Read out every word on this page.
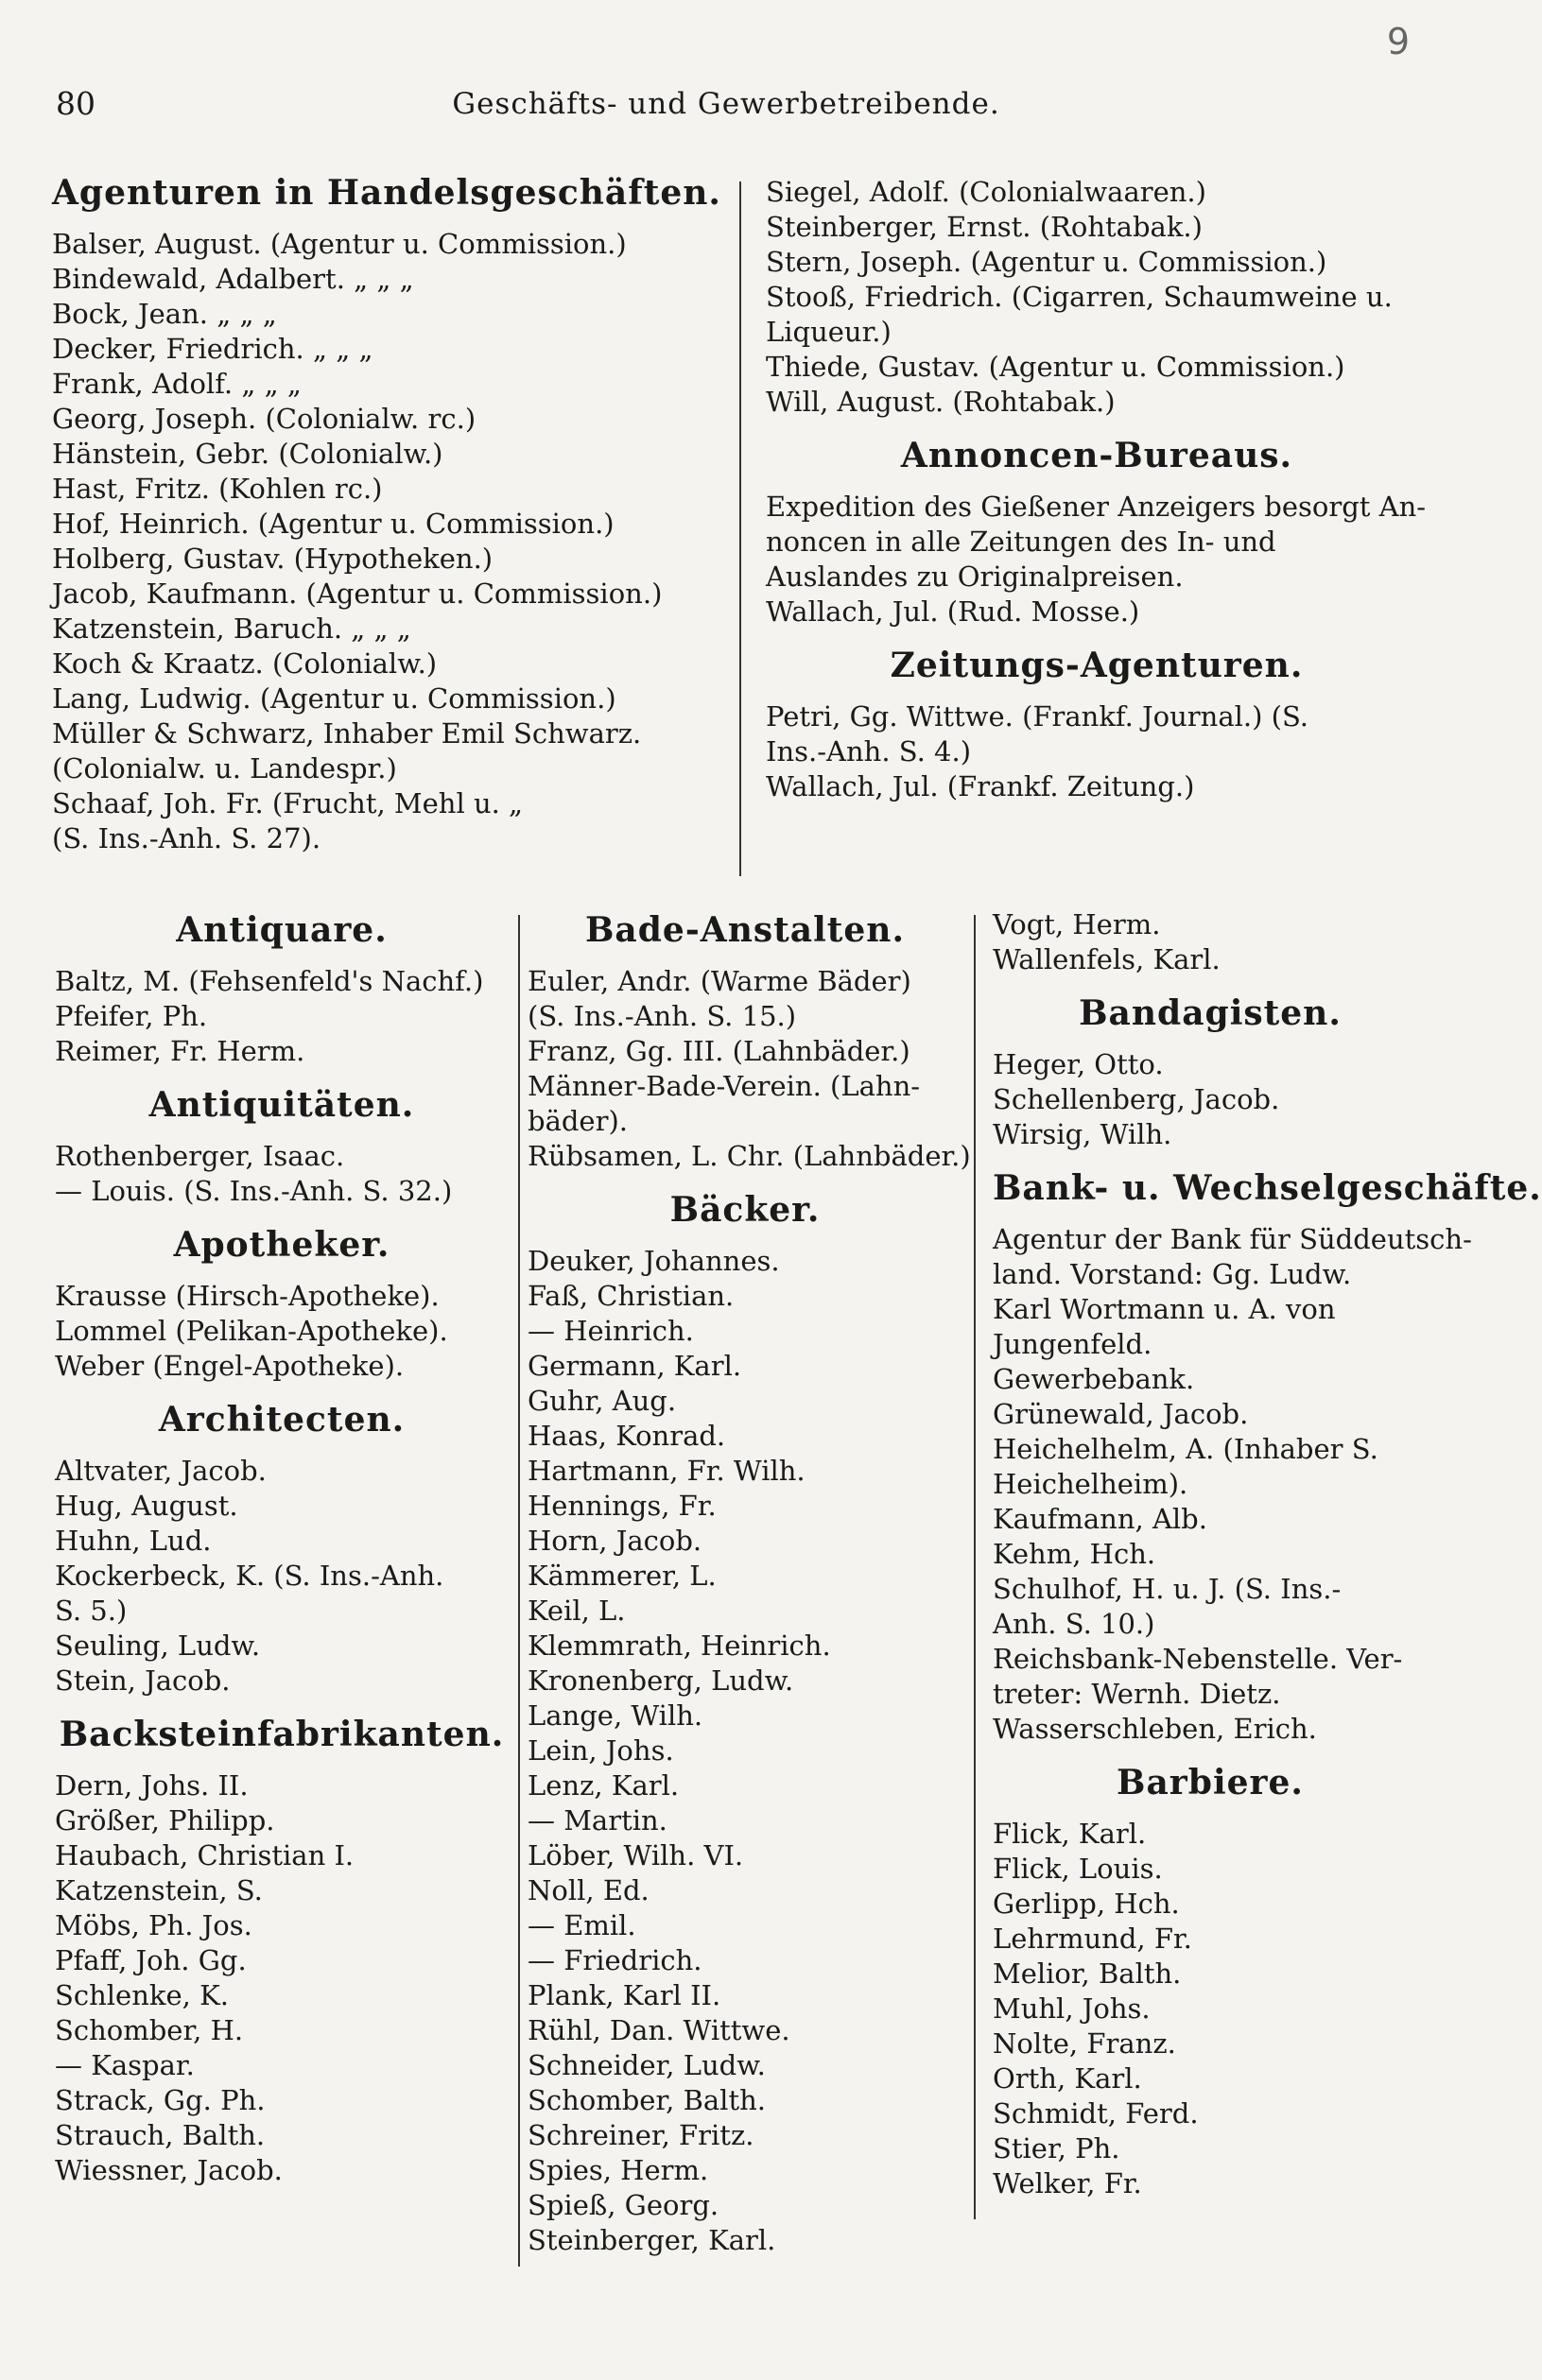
80	Geschäfts- und Gewerbetreibende.
9
Agenturen in Handelsgeschäften.
Balser, August. (Agentur u. Commission.)
Bindewald, Adalbert. „ „ „
Bock, Jean. „ „ „
Decker, Friedrich. „ „ „
Frank, Adolf. „ „ „
Georg, Joseph. (Colonialw. rc.)
Hänstein, Gebr. (Colonialw.)
Hast, Fritz. (Kohlen rc.)
Hof, Heinrich. (Agentur u. Commission.)
Holberg, Gustav. (Hypotheken.)
Jacob, Kaufmann. (Agentur u. Commission.)
Katzenstein, Baruch. „ „ „
Koch & Kraatz. (Colonialw.)
Lang, Ludwig. (Agentur u. Commission.)
Müller & Schwarz, Inhaber Emil Schwarz.
(Colonialw. u. Landespr.)
Schaaf, Joh. Fr. (Frucht, Mehl u. „
(S. Ins.-Anh. S. 27).
Siegel, Adolf. (Colonialwaaren.)
Steinberger, Ernst. (Rohtabak.)
Stern, Joseph. (Agentur u. Commission.)
Stooß, Friedrich. (Cigarren, Schaumweine u.
Liqueur.)
Thiede, Gustav. (Agentur u. Commission.)
Will, August. (Rohtabak.)
Annoncen-Bureaus.
Expedition des Gießener Anzeigers besorgt An-
noncen in alle Zeitungen des In- und
Auslandes zu Originalpreisen.
Wallach, Jul. (Rud. Mosse.)
Zeitungs-Agenturen.
Petri, Gg. Wittwe. (Frankf. Journal.) (S.
Ins.-Anh. S. 4.)
Wallach, Jul. (Frankf. Zeitung.)
Antiquare.
Baltz, M. (Fehsenfeld's Nachf.)
Pfeifer, Ph.
Reimer, Fr. Herm.
Antiquitäten.
Rothenberger, Isaac.
— Louis. (S. Ins.-Anh. S. 32.)
Apotheker.
Krausse (Hirsch-Apotheke).
Lommel (Pelikan-Apotheke).
Weber (Engel-Apotheke).
Architecten.
Altvater, Jacob.
Hug, August.
Huhn, Lud.
Kockerbeck, K. (S. Ins.-Anh.
S. 5.)
Seuling, Ludw.
Stein, Jacob.
Backsteinfabrikanten.
Dern, Johs. II.
Größer, Philipp.
Haubach, Christian I.
Katzenstein, S.
Möbs, Ph. Jos.
Pfaff, Joh. Gg.
Schlenke, K.
Schomber, H.
— Kaspar.
Strack, Gg. Ph.
Strauch, Balth.
Wiessner, Jacob.
Bade-Anstalten.
Euler, Andr. (Warme Bäder)
(S. Ins.-Anh. S. 15.)
Franz, Gg. III. (Lahnbäder.)
Männer-Bade-Verein. (Lahn-
bäder).
Rübsamen, L. Chr. (Lahnbäder.)
Bäcker.
Deuker, Johannes.
Faß, Christian.
— Heinrich.
Germann, Karl.
Guhr, Aug.
Haas, Konrad.
Hartmann, Fr. Wilh.
Hennings, Fr.
Horn, Jacob.
Kämmerer, L.
Keil, L.
Klemmrath, Heinrich.
Kronenberg, Ludw.
Lange, Wilh.
Lein, Johs.
Lenz, Karl.
— Martin.
Löber, Wilh. VI.
Noll, Ed.
— Emil.
— Friedrich.
Plank, Karl II.
Rühl, Dan. Wittwe.
Schneider, Ludw.
Schomber, Balth.
Schreiner, Fritz.
Spies, Herm.
Spieß, Georg.
Steinberger, Karl.
Vogt, Herm.
Wallenfels, Karl.
Bandagisten.
Heger, Otto.
Schellenberg, Jacob.
Wirsig, Wilh.
Bank- u. Wechselgeschäfte.
Agentur der Bank für Süddeutsch-
land. Vorstand: Gg. Ludw.
Karl Wortmann u. A. von
Jungenfeld.
Gewerbebank.
Grünewald, Jacob.
Heichelhelm, A. (Inhaber S.
Heichelheim).
Kaufmann, Alb.
Kehm, Hch.
Schulhof, H. u. J. (S. Ins.-
Anh. S. 10.)
Reichsbank-Nebenstelle. Ver-
treter: Wernh. Dietz.
Wasserschleben, Erich.
Barbiere.
Flick, Karl.
Flick, Louis.
Gerlipp, Hch.
Lehrmund, Fr.
Melior, Balth.
Muhl, Johs.
Nolte, Franz.
Orth, Karl.
Schmidt, Ferd.
Stier, Ph.
Welker, Fr.
